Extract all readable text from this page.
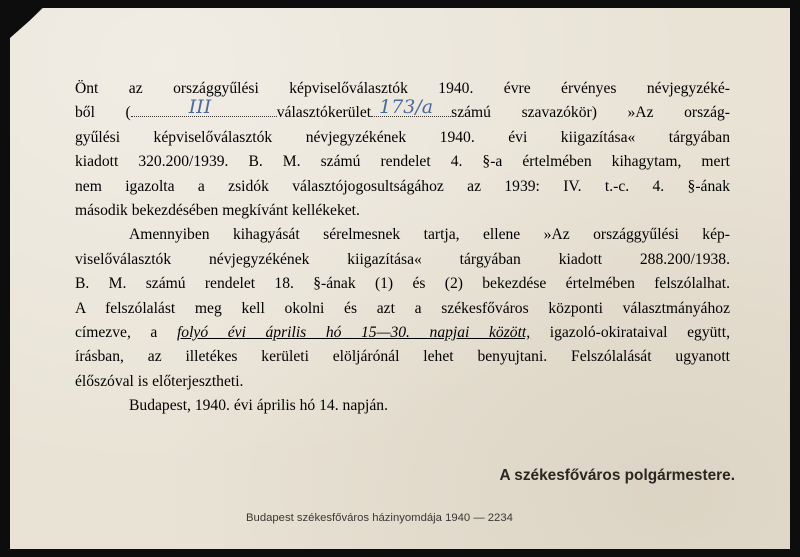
Önt az országgyűlési képviselőválasztók 1940. évre érvényes névjegyzéké-
ből (	III	választókerület 173/a számú szavazókör) »Az ország-
gyűlési képviselőválasztók névjegyzékének 1940. évi kiigazítása« tárgyában
kiadott 320.200/1939. B. M. számú rendelet 4. §-a értelmében kihagytam, mert
nem igazolta a zsidók választójogosultságához az 1939: IV. t.-c. 4. §-ának
második bekezdésében megkívánt kellékeket.
Amennyiben kihagyását sérelmesnek tartja, ellene »Az országgyűlési kép-
viselőválasztók névjegyzékének kiigazítása« tárgyában kiadott 288.200/1938.
B. M. számú rendelet 18. §-ának (1) és (2) bekezdése értelmében felszólalhat.
A felszólalást meg kell okolni és azt a székesfőváros központi választmányához
címezve, a folyó évi április hó 15—30. napjai között, igazoló-okirataival együtt,
írásban, az illetékes kerületi elöljárónál lehet benyujtani. Felszólalását ugyanott
élőszóval is előterjesztheti.
Budapest, 1940. évi április hó 14. napján.
A székesfőváros polgármestere.
Budapest székesfőváros házinyomdája 1940 — 2234
